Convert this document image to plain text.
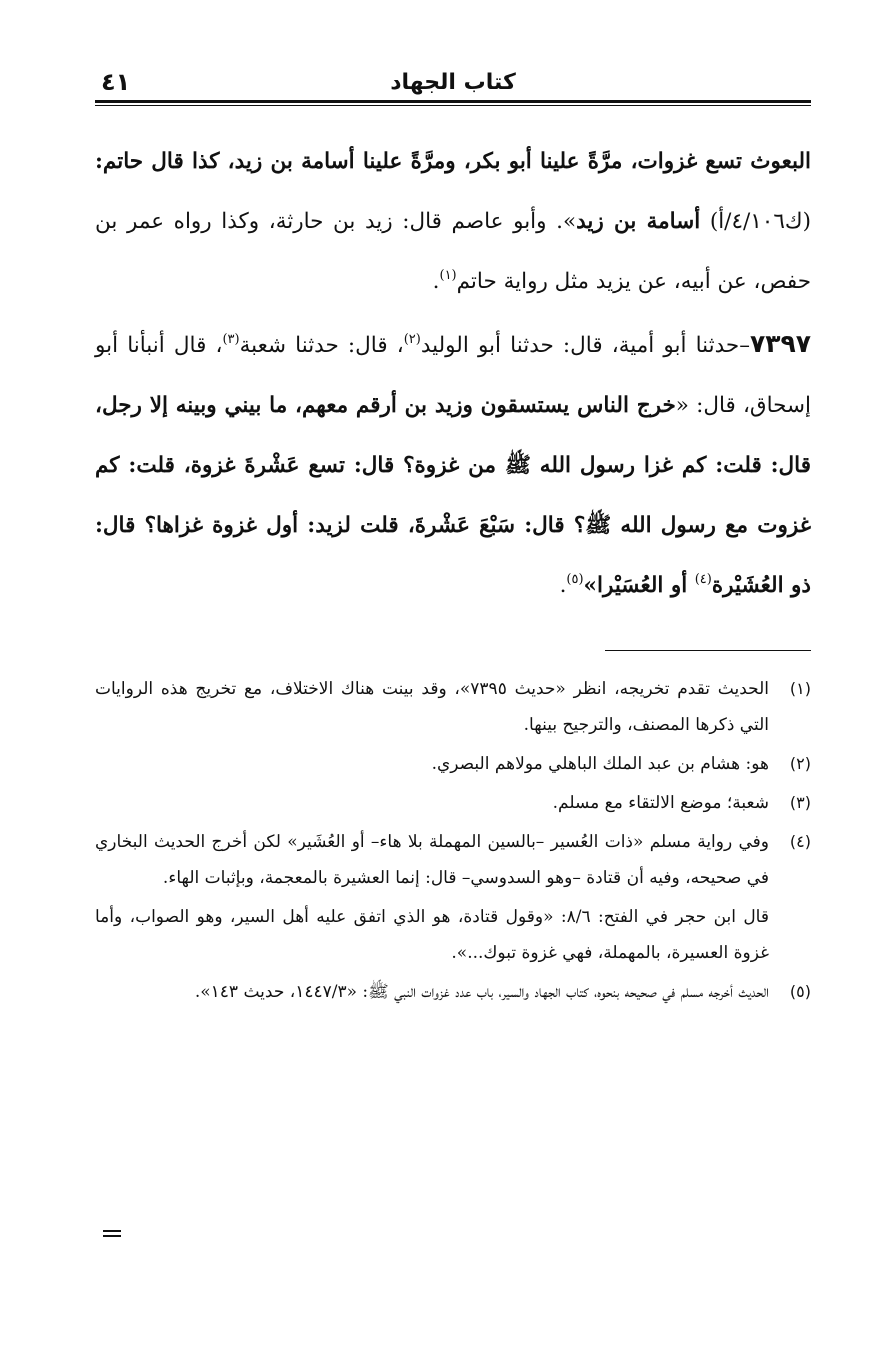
كتاب الجهاد
٤١

البعوث تسع غزوات، مرَّةً علينا أبو بكر، ومرَّةً علينا أسامة بن زيد، كذا قال حاتم: (ك٤/١٠٦/أ) أسامة بن زيد». وأبو عاصم قال: زيد بن حارثة، وكذا رواه عمر بن حفص، عن أبيه، عن يزيد مثل رواية حاتم$^{(١)}$.

٧٣٩٧–حدثنا أبو أمية، قال: حدثنا أبو الوليد$^{(٢)}$، قال: حدثنا شعبة$^{(٣)}$، قال أنبأنا أبو إسحاق، قال: «خرج الناس يستسقون وزيد بن أرقم معهم، ما بيني وبينه إلا رجل، قال: قلت: كم غزا رسول الله ﷺ من غزوة؟ قال: تسع عَشْرةَ غزوة، قلت: كم غزوت مع رسول الله ﷺ؟ قال: سَبْعَ عَشْرةَ، قلت لزيد: أول غزوة غزاها؟ قال: ذو العُشَيْرة$^{(٤)}$ أو العُسَيْرا»$^{(٥)}$.

(١)

الحديث تقدم تخريجه، انظر «حديث ٧٣٩٥»، وقد بينت هناك الاختلاف، مع تخريج هذه الروايات التي ذكرها المصنف، والترجيح بينها.

(٢)

هو: هشام بن عبد الملك الباهلي مولاهم البصري.

(٣)

شعبة؛ موضع الالتقاء مع مسلم.

(٤)

وفي رواية مسلم «ذات العُسير –بالسين المهملة بلا هاء– أو العُشَير» لكن أخرج الحديث البخاري في صحيحه، وفيه أن قتادة –وهو السدوسي– قال: إنما العشيرة بالمعجمة، وبإثبات الهاء.

قال ابن حجر في الفتح: ٨/٦: «وقول قتادة، هو الذي اتفق عليه أهل السير، وهو الصواب، وأما غزوة العسيرة، بالمهملة، فهي غزوة تبوك...».

(٥)

الحديث أخرجه مسلم في صحيحه بنحوه، كتاب الجهاد والسير، باب عدد غزوات النبي ﷺ: «١٤٤٧/٣، حديث ١٤٣».
